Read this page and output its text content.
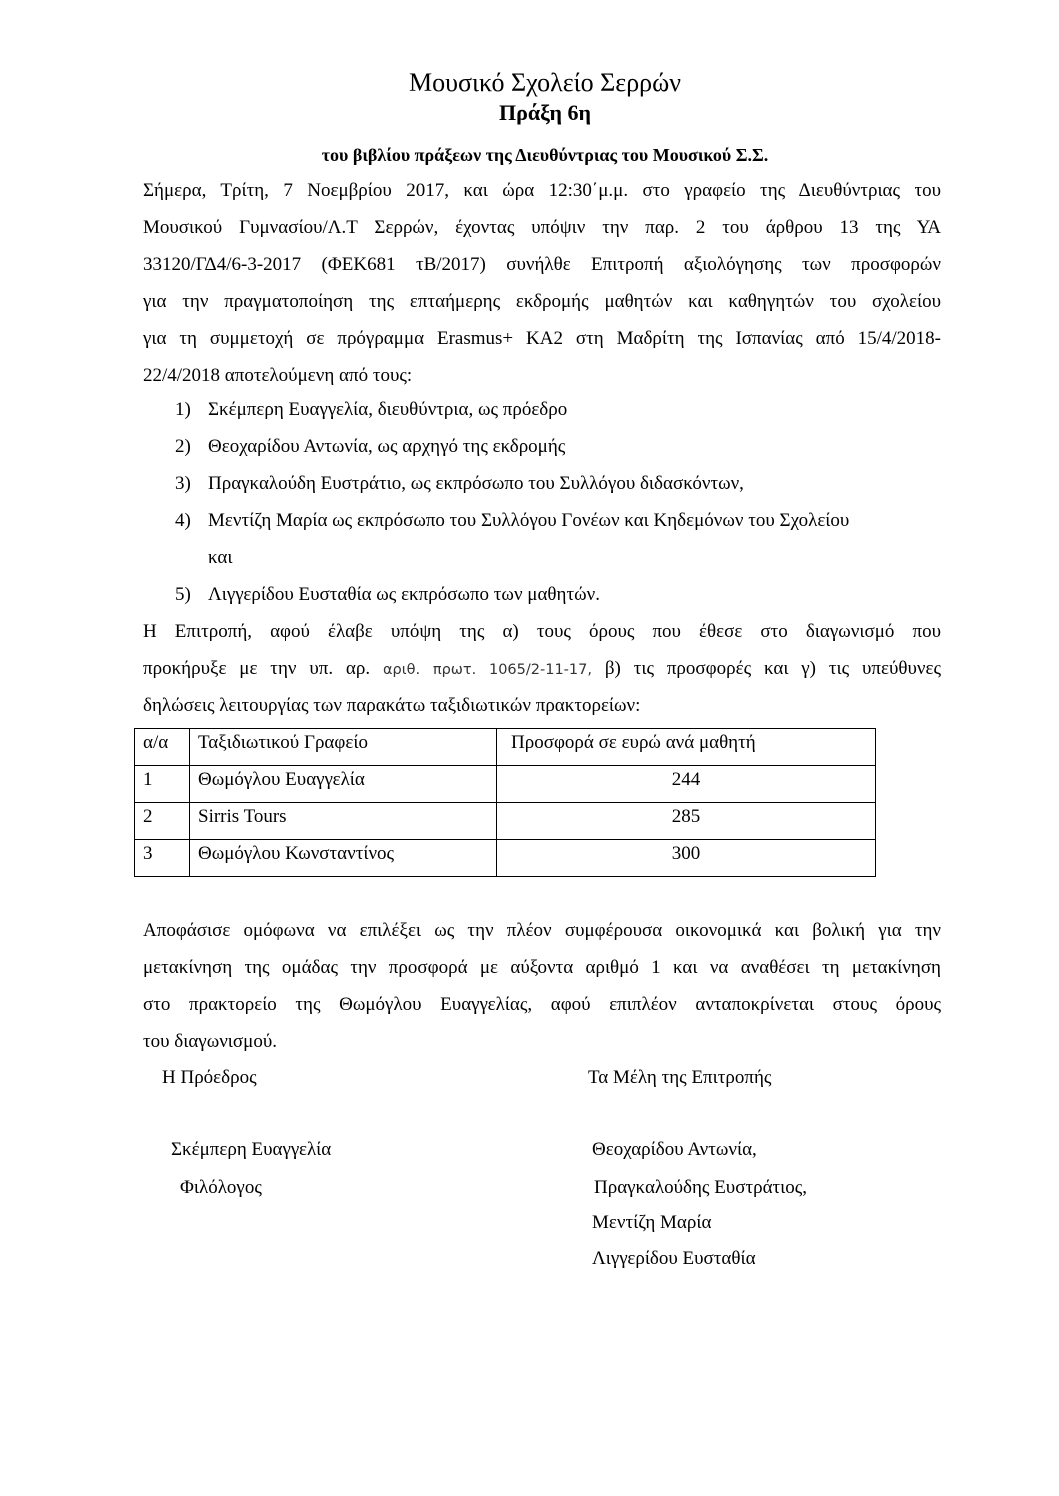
Μουσικό Σχολείο Σερρών
Πράξη 6η
του βιβλίου πράξεων της Διευθύντριας του Μουσικού Σ.Σ.
Σήμερα, Τρίτη, 7 Νοεμβρίου 2017, και ώρα 12:30΄μ.μ. στο γραφείο της Διευθύντριας του
Μουσικού Γυμνασίου/Λ.Τ Σερρών, έχοντας υπόψιν την παρ. 2 του άρθρου 13 της ΥΑ
33120/ΓΔ4/6-3-2017 (ΦΕΚ681 τΒ/2017) συνήλθε Επιτροπή αξιολόγησης των προσφορών
για την πραγματοποίηση της επταήμερης εκδρομής μαθητών και καθηγητών του σχολείου
για τη συμμετοχή σε πρόγραμμα Erasmus+ ΚΑ2 στη Μαδρίτη της Ισπανίας από 15/4/2018-
22/4/2018 αποτελούμενη από τους:
1) Σκέμπερη Ευαγγελία, διευθύντρια, ως πρόεδρο
2) Θεοχαρίδου Αντωνία, ως αρχηγό της εκδρομής
3) Πραγκαλούδη Ευστράτιο, ως εκπρόσωπο του Συλλόγου διδασκόντων,
4) Μεντίζη Μαρία ως εκπρόσωπο του Συλλόγου Γονέων και Κηδεμόνων του Σχολείου
και
5) Λιγγερίδου Ευσταθία ως εκπρόσωπο των μαθητών.
Η Επιτροπή, αφού έλαβε υπόψη της α) τους όρους που έθεσε στο διαγωνισμό που
προκήρυξε με την υπ. αρ. αριθ. πρωτ. 1065/2-11-17, β) τις προσφορές και γ) τις υπεύθυνες
δηλώσεις λειτουργίας των παρακάτω ταξιδιωτικών πρακτορείων:
α/α	Ταξιδιωτικού Γραφείο	Προσφορά σε ευρώ ανά μαθητή
1	Θωμόγλου Ευαγγελία	244
2	Sirris Tours	285
3	Θωμόγλου Κωνσταντίνος	300
Αποφάσισε ομόφωνα να επιλέξει ως την πλέον συμφέρουσα οικονομικά και βολική για την
μετακίνηση της ομάδας την προσφορά με αύξοντα αριθμό 1 και να αναθέσει τη μετακίνηση
στο πρακτορείο της Θωμόγλου Ευαγγελίας, αφού επιπλέον ανταποκρίνεται στους όρους
του διαγωνισμού.
Η Πρόεδρος	Τα Μέλη της Επιτροπής
Σκέμπερη Ευαγγελία
Φιλόλογος
Θεοχαρίδου Αντωνία,
Πραγκαλούδης Ευστράτιος,
Μεντίζη Μαρία
Λιγγερίδου Ευσταθία
